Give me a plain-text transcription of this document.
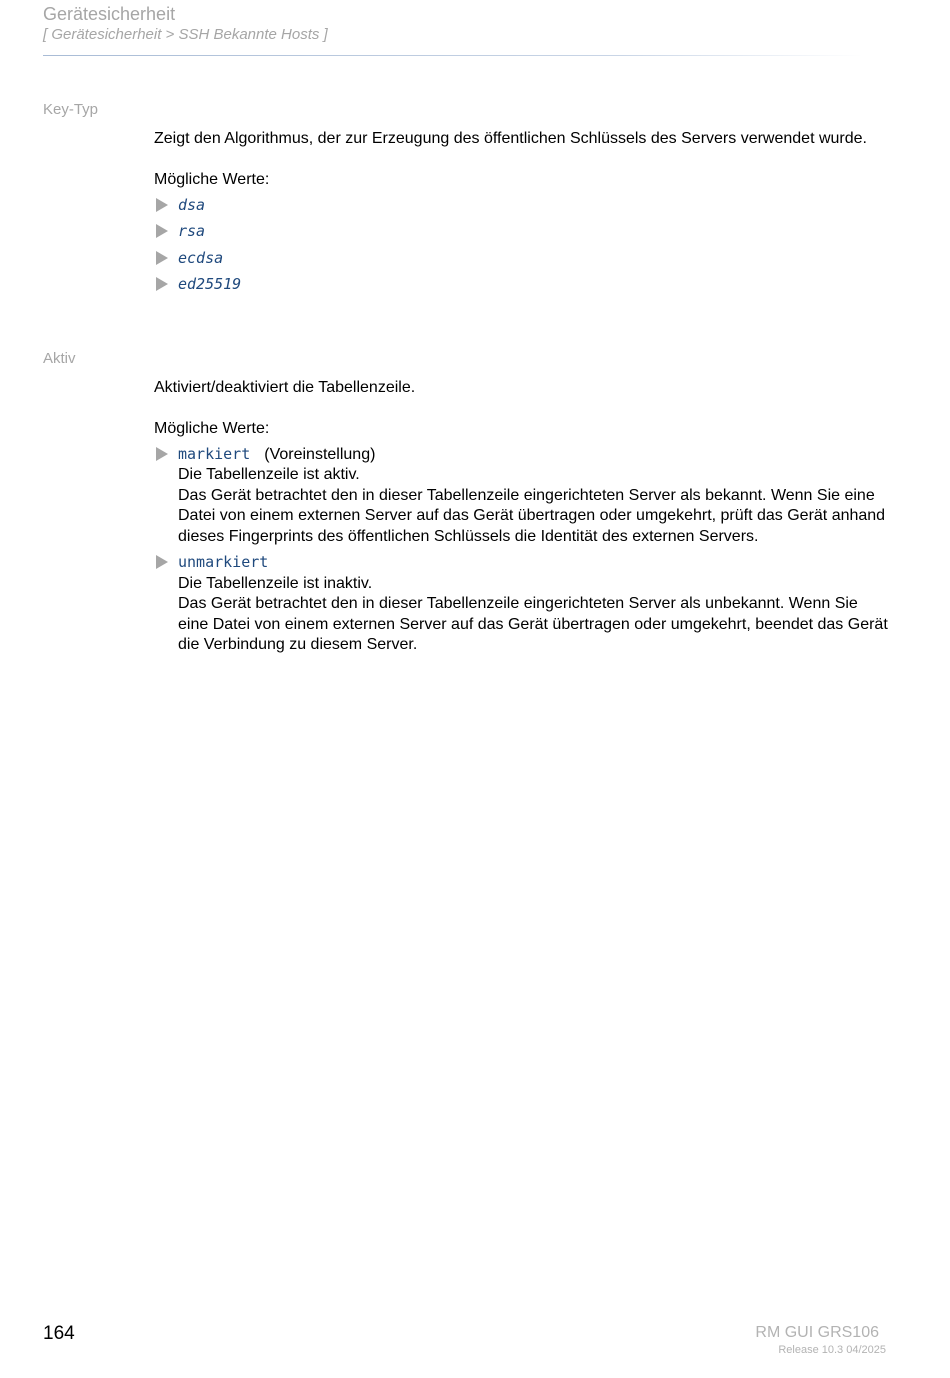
Gerätesicherheit
[ Gerätesicherheit > SSH Bekannte Hosts ]
Key-Typ

Zeigt den Algorithmus, der zur Erzeugung des öffentlichen Schlüssels des Servers verwendet wurde.

Mögliche Werte:

dsa
rsa
ecdsa
ed25519
Aktiv

Aktiviert/deaktiviert die Tabellenzeile.

Mögliche Werte:

markiert (Voreinstellung)
Die Tabellenzeile ist aktiv.
Das Gerät betrachtet den in dieser Tabellenzeile eingerichteten Server als bekannt. Wenn Sie eine Datei von einem externen Server auf das Gerät übertragen oder umgekehrt, prüft das Gerät anhand dieses Fingerprints des öffentlichen Schlüssels die Identität des externen Servers.
unmarkiert
Die Tabellenzeile ist inaktiv.
Das Gerät betrachtet den in dieser Tabellenzeile eingerichteten Server als unbekannt. Wenn Sie eine Datei von einem externen Server auf das Gerät übertragen oder umgekehrt, beendet das Gerät die Verbindung zu diesem Server.
164	RM GUI GRS106
Release 10.3 04/2025
